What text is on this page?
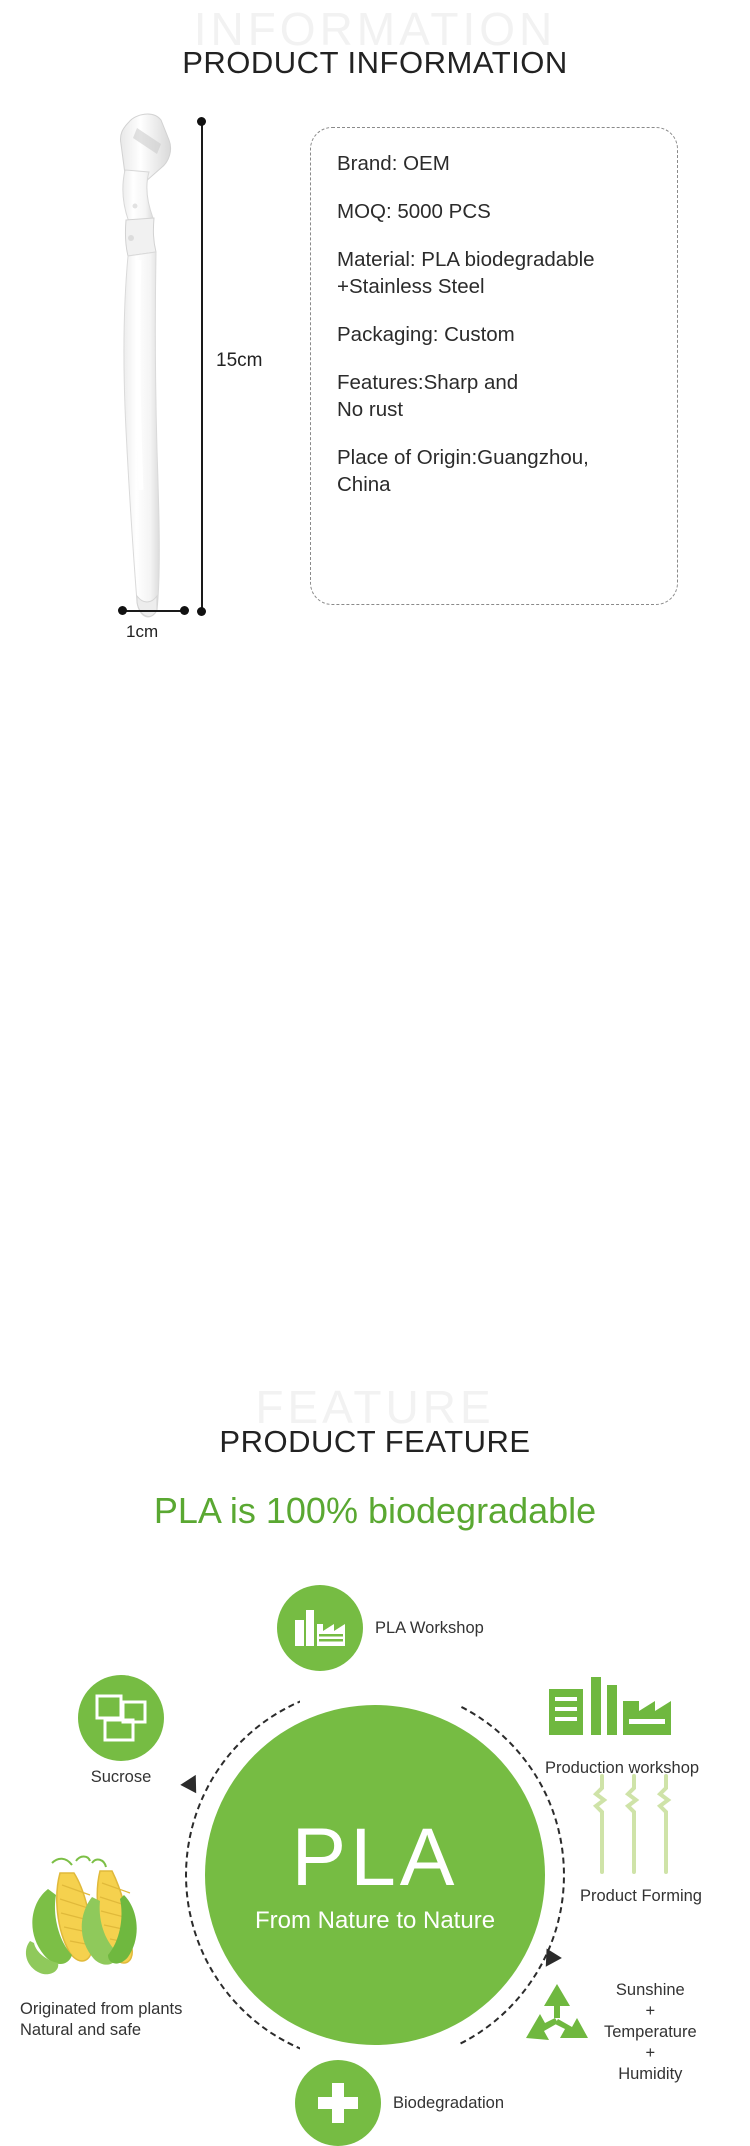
INFORMATION
PRODUCT INFORMATION
15cm
1cm
Brand: OEM
MOQ: 5000 PCS
Material: PLA biodegradable
+Stainless Steel
Packaging: Custom
Features:Sharp and
No rust
Place of Origin:Guangzhou,
China
FEATURE
PRODUCT FEATURE
PLA is 100% biodegradable
PLA
From Nature to Nature
PLA Workshop
Production workshop
Product Forming
Sunshine
+
Temperature
+
Humidity
Biodegradation
Originated from plants
Natural and safe
Sucrose
